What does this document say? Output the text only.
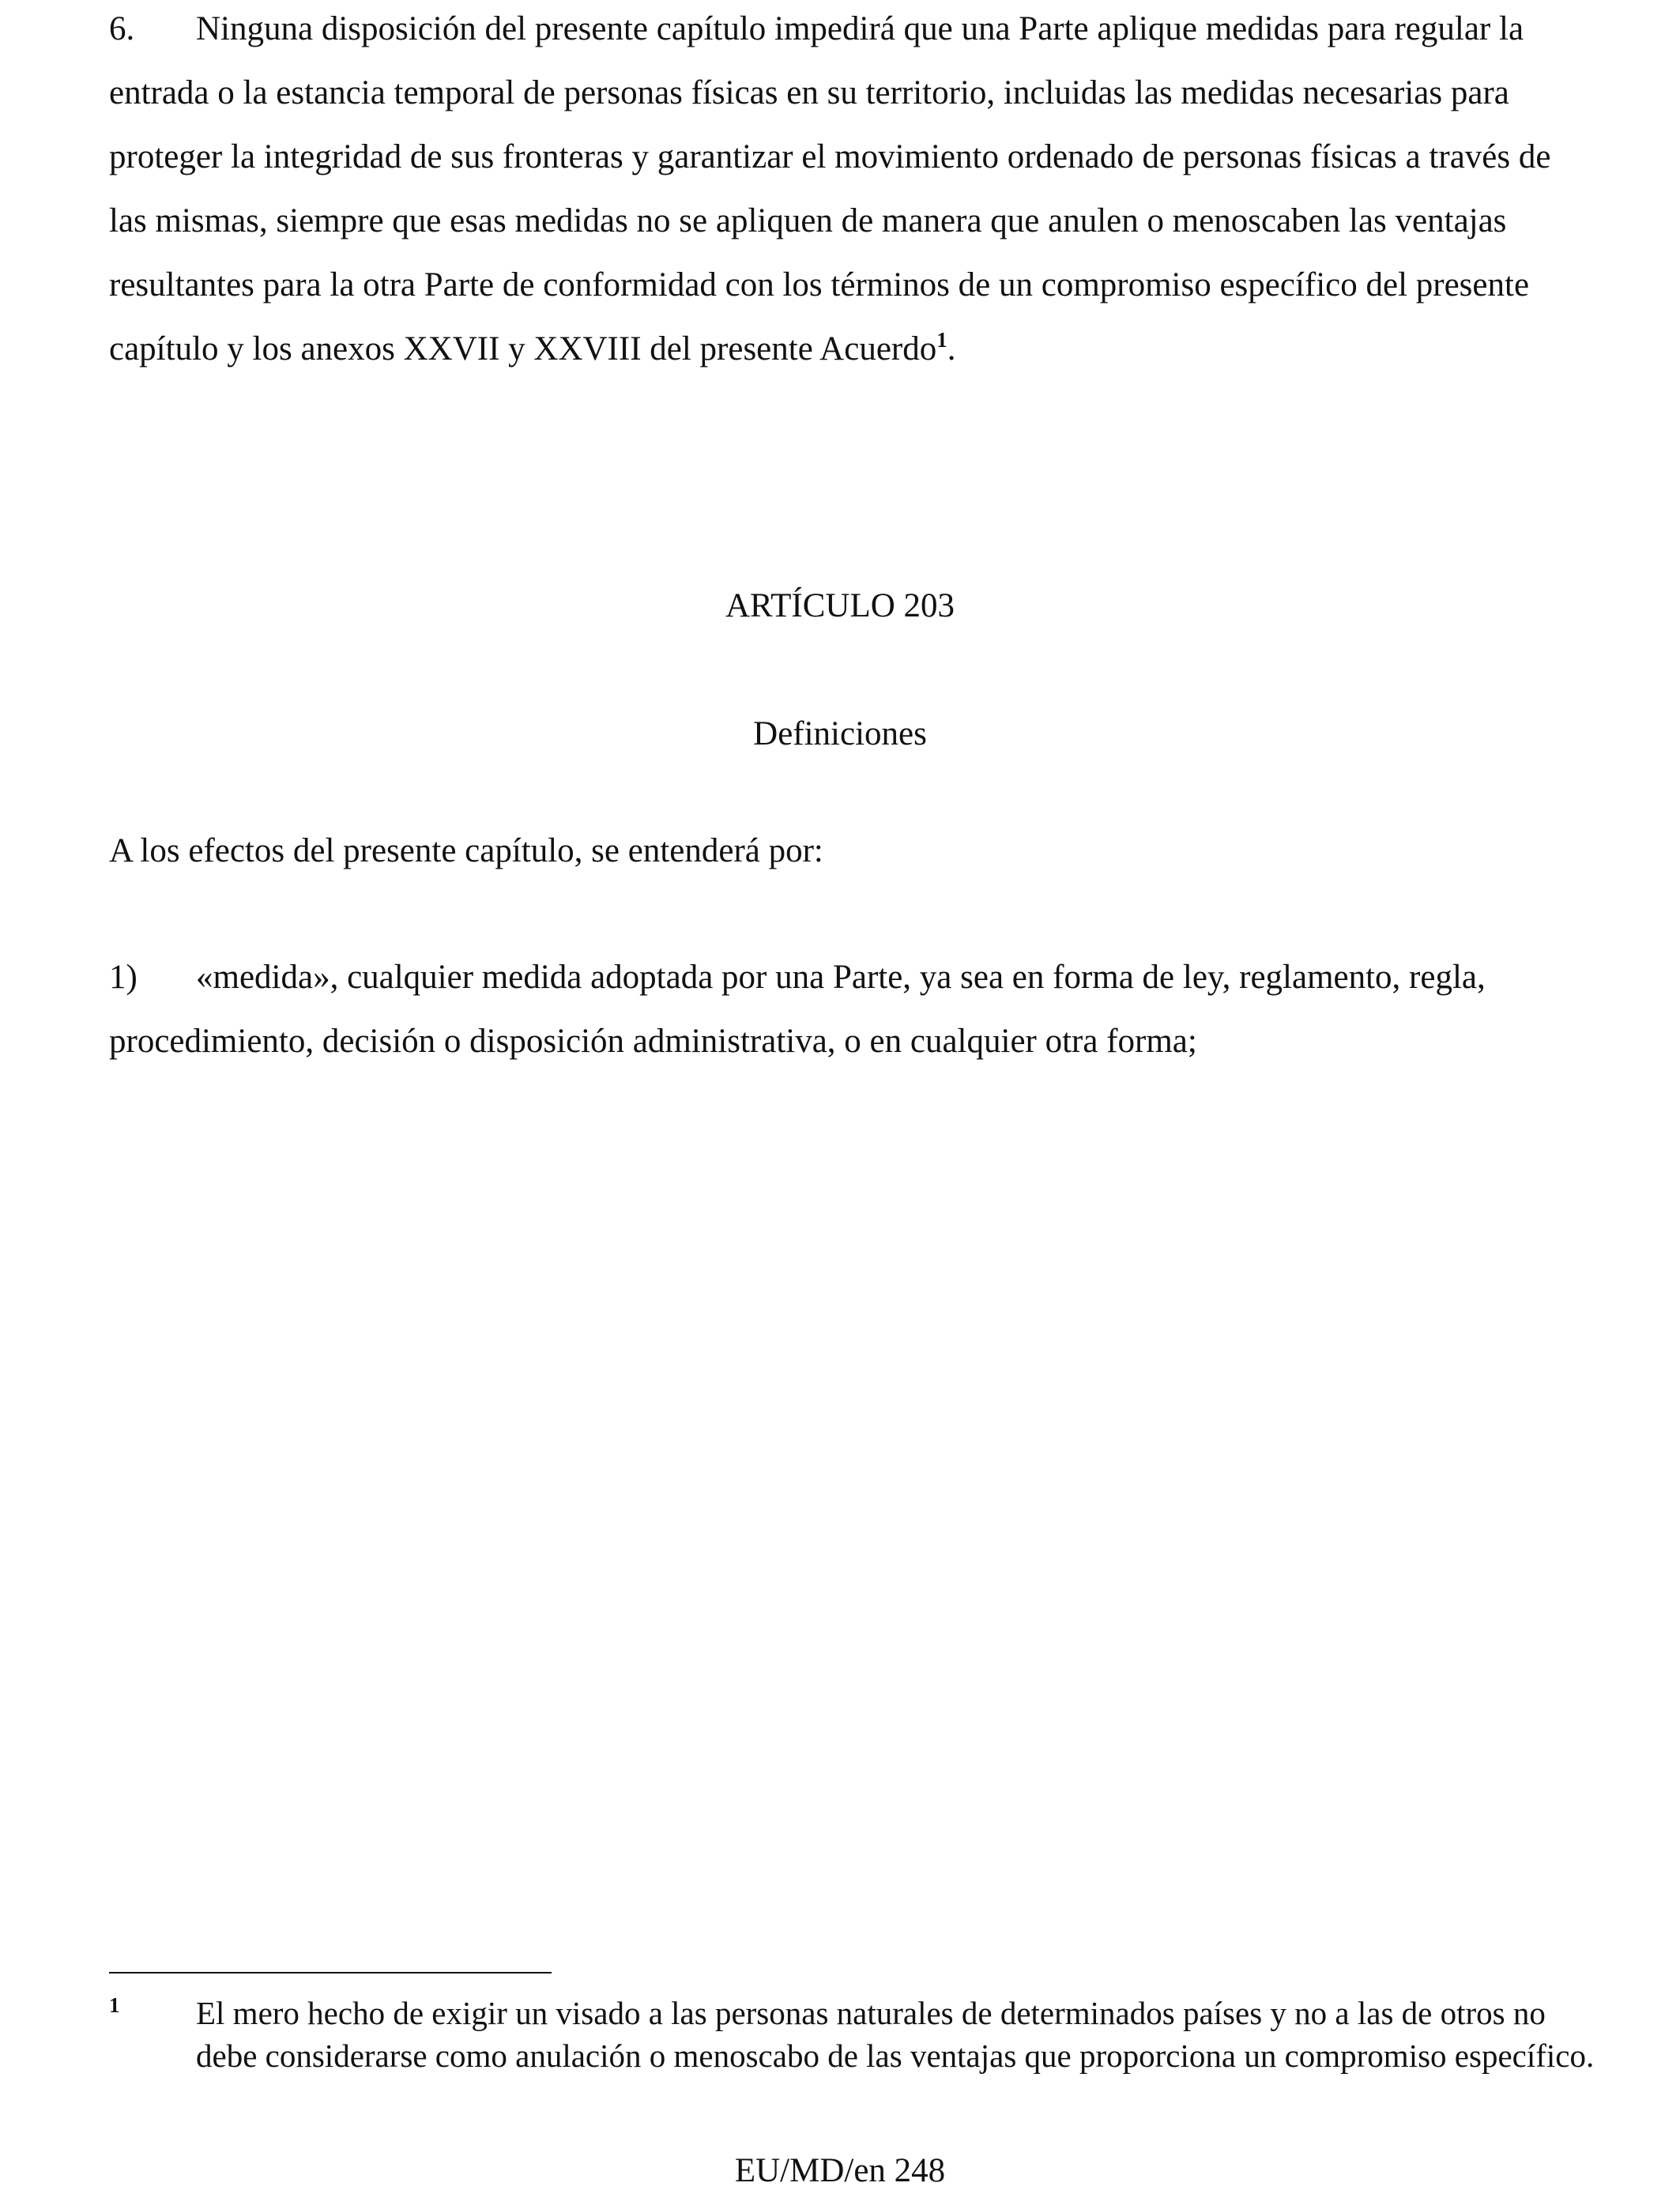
6. Ninguna disposición del presente capítulo impedirá que una Parte aplique medidas para regular la entrada o la estancia temporal de personas físicas en su territorio, incluidas las medidas necesarias para proteger la integridad de sus fronteras y garantizar el movimiento ordenado de personas físicas a través de las mismas, siempre que esas medidas no se apliquen de manera que anulen o menoscaben las ventajas resultantes para la otra Parte de conformidad con los términos de un compromiso específico del presente capítulo y los anexos XXVII y XXVIII del presente Acuerdo$^1$.

ARTÍCULO 203

Definiciones

A los efectos del presente capítulo, se entenderá por:

1) «medida», cualquier medida adoptada por una Parte, ya sea en forma de ley, reglamento, regla, procedimiento, decisión o disposición administrativa, o en cualquier otra forma;

1 El mero hecho de exigir un visado a las personas naturales de determinados países y no a las de otros no debe considerarse como anulación o menoscabo de las ventajas que proporciona un compromiso específico.
EU/MD/en 248
